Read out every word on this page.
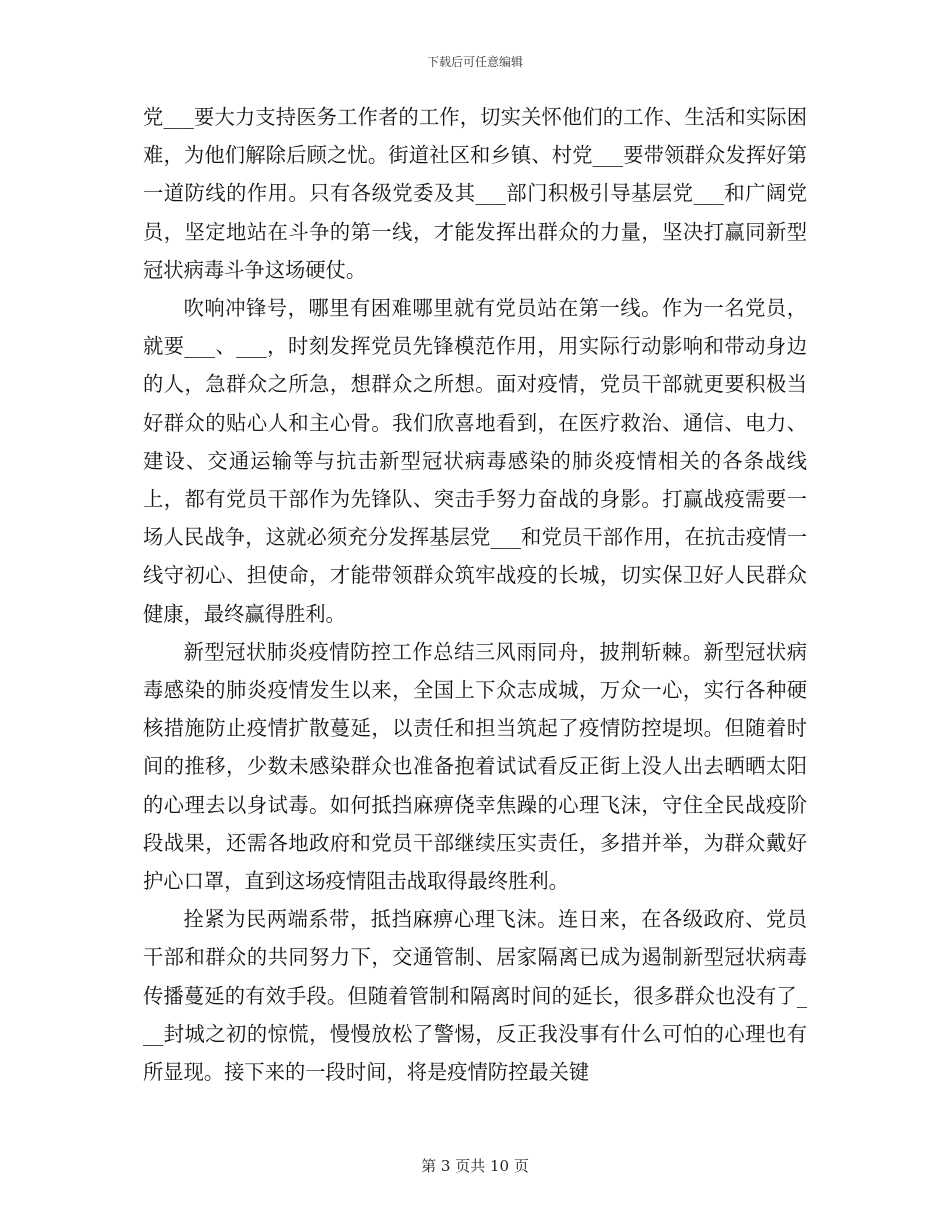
下载后可任意编辑

党___要大力支持医务工作者的工作，切实关怀他们的工作、生活和实际困难，为他们解除后顾之忧。街道社区和乡镇、村党___要带领群众发挥好第一道防线的作用。只有各级党委及其___部门积极引导基层党___和广阔党员，坚定地站在斗争的第一线，才能发挥出群众的力量，坚决打赢同新型冠状病毒斗争这场硬仗。

吹响冲锋号，哪里有困难哪里就有党员站在第一线。作为一名党员，就要___、___，时刻发挥党员先锋模范作用，用实际行动影响和带动身边的人，急群众之所急，想群众之所想。面对疫情，党员干部就更要积极当好群众的贴心人和主心骨。我们欣喜地看到，在医疗救治、通信、电力、建设、交通运输等与抗击新型冠状病毒感染的肺炎疫情相关的各条战线上，都有党员干部作为先锋队、突击手努力奋战的身影。打赢战疫需要一场人民战争，这就必须充分发挥基层党___和党员干部作用，在抗击疫情一线守初心、担使命，才能带领群众筑牢战疫的长城，切实保卫好人民群众健康，最终赢得胜利。

新型冠状肺炎疫情防控工作总结三风雨同舟，披荆斩棘。新型冠状病毒感染的肺炎疫情发生以来，全国上下众志成城，万众一心，实行各种硬核措施防止疫情扩散蔓延，以责任和担当筑起了疫情防控堤坝。但随着时间的推移，少数未感染群众也准备抱着试试看反正街上没人出去晒晒太阳的心理去以身试毒。如何抵挡麻痹侥幸焦躁的心理飞沫，守住全民战疫阶段战果，还需各地政府和党员干部继续压实责任，多措并举，为群众戴好护心口罩，直到这场疫情阻击战取得最终胜利。

拴紧为民两端系带，抵挡麻痹心理飞沫。连日来，在各级政府、党员干部和群众的共同努力下，交通管制、居家隔离已成为遏制新型冠状病毒传播蔓延的有效手段。但随着管制和隔离时间的延长，很多群众也没有了___封城之初的惊慌，慢慢放松了警惕，反正我没事有什么可怕的心理也有所显现。接下来的一段时间，将是疫情防控最关键

第 3 页共 10 页
